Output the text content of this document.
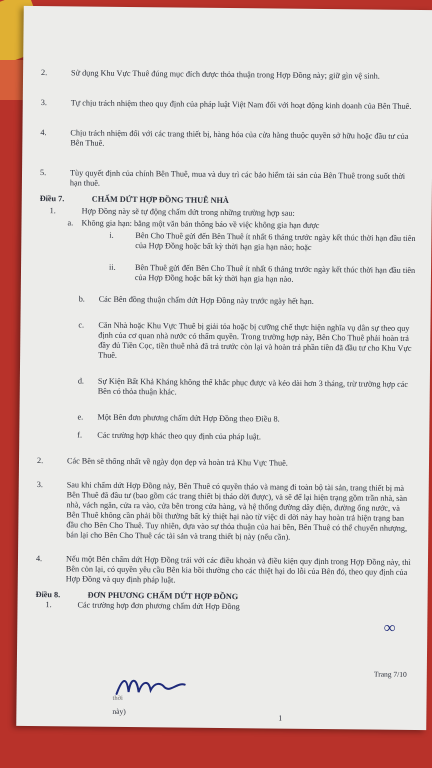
2.	Sử dụng Khu Vực Thuê đúng mục đích được thỏa thuận trong Hợp Đồng này; giữ gìn vệ sinh.
3.	Tự chịu trách nhiệm theo quy định của pháp luật Việt Nam đối với hoạt động kinh doanh của Bên Thuê.
4.	Chịu trách nhiệm đối với các trang thiết bị, hàng hóa của cửa hàng thuộc quyền sở hữu hoặc đầu tư của Bên Thuê.
5.	Tùy quyết định của chính Bên Thuê, mua và duy trì các bảo hiểm tài sản của Bên Thuê trong suốt thời hạn thuê.
Điều 7.	CHẤM DỨT HỢP ĐỒNG THUÊ NHÀ
1.	Hợp Đồng này sẽ tự động chấm dứt trong những trường hợp sau:
a. Không gia hạn: bằng một văn bản thông báo về việc không gia hạn được
i.	Bên Cho Thuê gửi đến Bên Thuê ít nhất 6 tháng trước ngày kết thúc thời hạn đầu tiên của Hợp Đồng hoặc bất kỳ thời hạn gia hạn nào; hoặc
ii. Bên Thuê gửi đến Bên Cho Thuê ít nhất 6 tháng trước ngày kết thúc thời hạn đầu tiên của Hợp Đồng hoặc bất kỳ thời hạn gia hạn nào.
b. Các Bên đồng thuận chấm dứt Hợp Đồng này trước ngày hết hạn.
c. Căn Nhà hoặc Khu Vực Thuê bị giải tỏa hoặc bị cưỡng chế thực hiện nghĩa vụ dân sự theo quy định của cơ quan nhà nước có thẩm quyền. Trong trường hợp này, Bên Cho Thuê phải hoàn trả đầy đủ Tiền Cọc, tiền thuê nhà đã trả trước còn lại và hoàn trả phần tiền đã đầu tư cho Khu Vực Thuê.
d. Sự Kiện Bất Khả Kháng không thể khắc phục được và kéo dài hơn 3 tháng, trừ trường hợp các Bên có thỏa thuận khác.
e. Một Bên đơn phương chấm dứt Hợp Đồng theo Điều 8.
f. Các trường hợp khác theo quy định của pháp luật.
2.	Các Bên sẽ thống nhất về ngày dọn dẹp và hoàn trả Khu Vực Thuê.
3.	Sau khi chấm dứt Hợp Đồng này, Bên Thuê có quyền tháo và mang đi toàn bộ tài sản, trang thiết bị mà Bên Thuê đã đầu tư (bao gồm các trang thiết bị tháo dời được), và sẽ để lại hiện trạng gồm trần nhà, sàn nhà, vách ngăn, cửa ra vào, cửa bên trong cửa hàng, và hệ thống đường dây điện, đường ống nước, và Bên Thuê không cần phải bồi thường bất kỳ thiệt hại nào từ việc di dời này hay hoàn trả hiện trạng ban đầu cho Bên Cho Thuê. Tuy nhiên, dựa vào sự thỏa thuận của hai bên, Bên Thuê có thể chuyển nhượng, bán lại cho Bên Cho Thuê các tài sản và trang thiết bị này (nếu cần).
4.	Nếu một Bên chấm dứt Hợp Đồng trái với các điều khoản và điều kiện quy định trong Hợp Đồng này, thì Bên còn lại, có quyền yêu cầu Bên kia bồi thường cho các thiệt hại do lỗi của Bên đó, theo quy định của Hợp Đồng và quy định pháp luật.
Điều 8.	ĐƠN PHƯƠNG CHẤM DỨT HỢP ĐỒNG
1.	Các trường hợp đơn phương chấm dứt Hợp Đồng
∞
Trang 7/10
thời
này)
1
